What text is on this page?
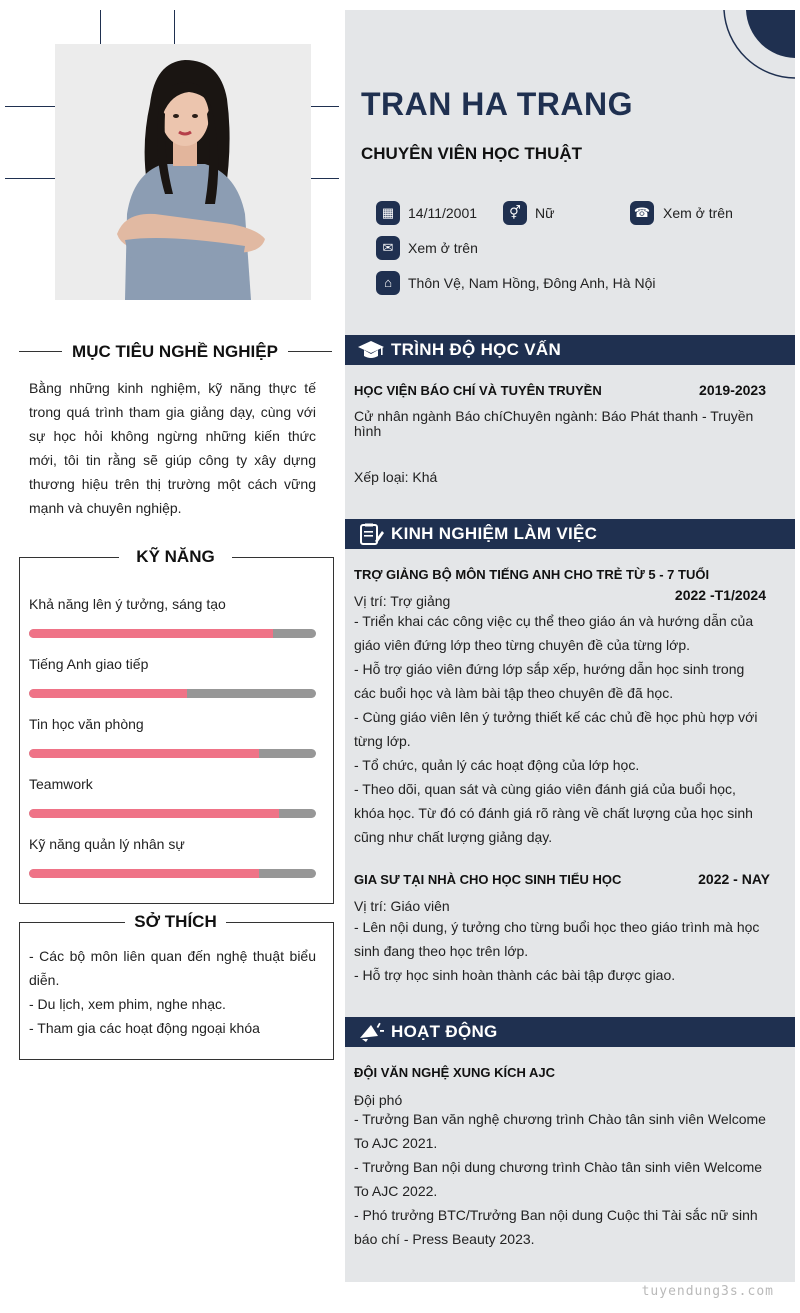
MỤC TIÊU NGHỀ NGHIỆP
Bằng những kinh nghiệm, kỹ năng thực tế trong quá trình tham gia giảng dạy, cùng với sự học hỏi không ngừng những kiến thức mới, tôi tin rằng sẽ giúp công ty xây dựng thương hiệu trên thị trường một cách vững mạnh và chuyên nghiệp.
KỸ NĂNG
Khả năng lên ý tưởng, sáng tạo
Tiếng Anh giao tiếp
Tin học văn phòng
Teamwork
Kỹ năng quản lý nhân sự
SỞ THÍCH
- Các bộ môn liên quan đến nghệ thuật biểu diễn.
- Du lịch, xem phim, nghe nhạc.
- Tham gia các hoạt động ngoại khóa
TRAN HA TRANG
CHUYÊN VIÊN HỌC THUẬT
▦ 14/11/2001	⚥	Nữ	☎ Xem ở trên
✉	Xem ở trên
⌂	Thôn Vệ, Nam Hồng, Đông Anh, Hà Nội
TRÌNH ĐỘ HỌC VẤN
HỌC VIỆN BÁO CHÍ VÀ TUYÊN TRUYỀN	2019-2023
Cử nhân ngành Báo chíChuyên ngành: Báo Phát thanh - Truyền hình
Xếp loại: Khá
KINH NGHIỆM LÀM VIỆC
TRỢ GIẢNG BỘ MÔN TIẾNG ANH CHO TRẺ TỪ 5 - 7 TUỔI
2022 -T1/2024
Vị trí: Trợ giảng
- Triển khai các công việc cụ thể theo giáo án và hướng dẫn của giáo viên đứng lớp theo từng chuyên đề của từng lớp.
- Hỗ trợ giáo viên đứng lớp sắp xếp, hướng dẫn học sinh trong các buổi học và làm bài tập theo chuyên đề đã học.
- Cùng giáo viên lên ý tưởng thiết kế các chủ đề học phù hợp với từng lớp.
- Tổ chức, quản lý các hoạt động của lớp học.
- Theo dõi, quan sát và cùng giáo viên đánh giá của buổi học, khóa học. Từ đó có đánh giá rõ ràng về chất lượng của học sinh cũng như chất lượng giảng dạy.
GIA SƯ TẠI NHÀ CHO HỌC SINH TIỂU HỌC	2022 - NAY
Vị trí: Giáo viên
- Lên nội dung, ý tưởng cho từng buổi học theo giáo trình mà học sinh đang theo học trên lớp.
- Hỗ trợ học sinh hoàn thành các bài tập được giao.
HOẠT ĐỘNG
ĐỘI VĂN NGHỆ XUNG KÍCH AJC
Đội phó
- Trưởng Ban văn nghệ chương trình Chào tân sinh viên Welcome To AJC 2021.
- Trưởng Ban nội dung chương trình Chào tân sinh viên Welcome To AJC 2022.
- Phó trưởng BTC/Trưởng Ban nội dung Cuộc thi Tài sắc nữ sinh báo chí - Press Beauty 2023.
tuyendung3s.com
